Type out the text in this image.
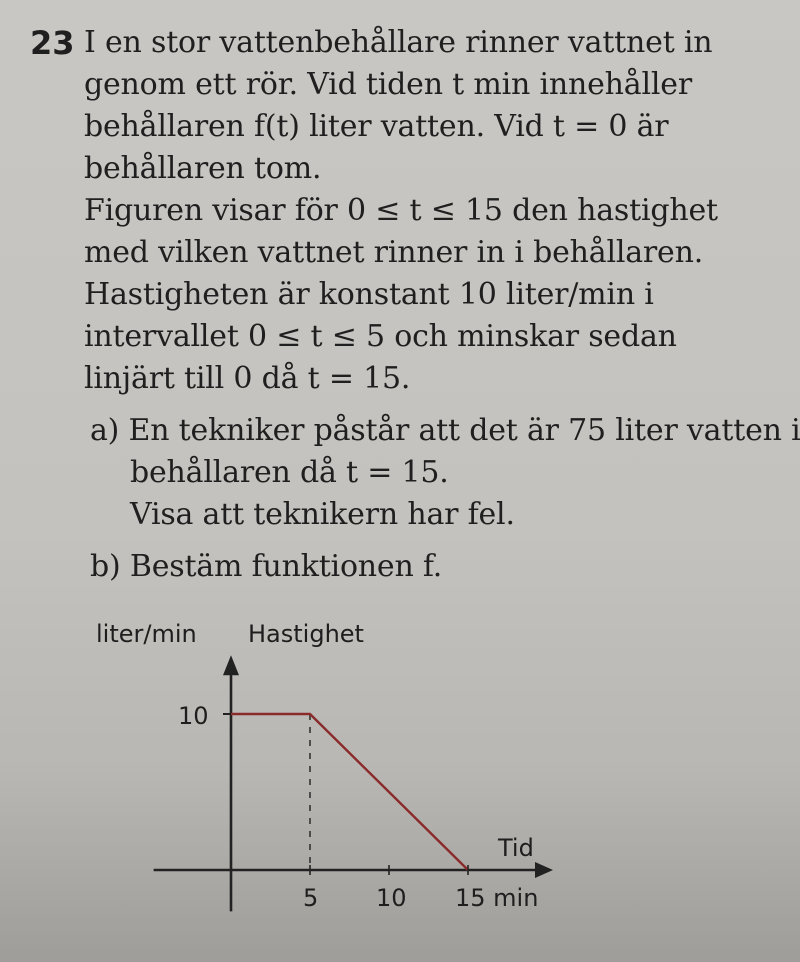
23 I en stor vattenbehållare rinner vattnet in
genom ett rör. Vid tiden t min innehåller
behållaren f(t) liter vatten. Vid t = 0 är
behållaren tom.
Figuren visar för 0 ≤ t ≤ 15 den hastighet
med vilken vattnet rinner in i behållaren.
Hastigheten är konstant 10 liter/min i
intervallet 0 ≤ t ≤ 5 och minskar sedan
linjärt till 0 då t = 15.
a) En tekniker påstår att det är 75 liter vatten i
behållaren då t = 15.
Visa att teknikern har fel.
b) Bestäm funktionen f.
liter/min Hastighet
Tid
10
5 10 15 min
